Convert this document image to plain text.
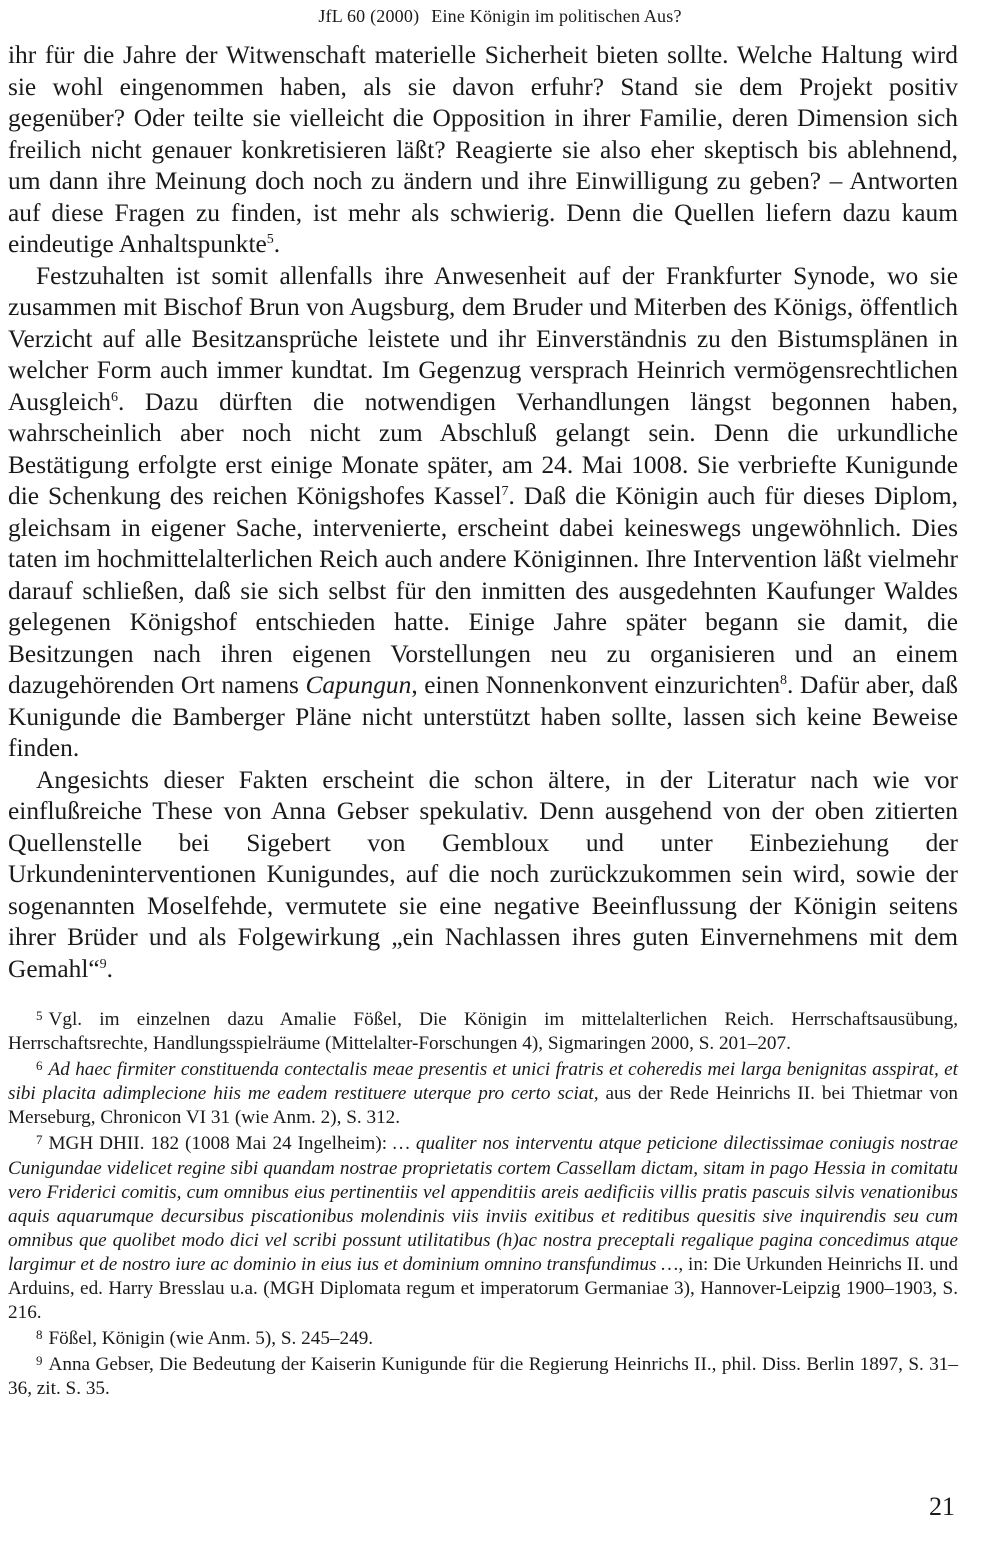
JfL 60 (2000) Eine Königin im politischen Aus?

ihr für die Jahre der Witwenschaft materielle Sicherheit bieten sollte. Welche Haltung wird sie wohl eingenommen haben, als sie davon erfuhr? Stand sie dem Projekt positiv gegenüber? Oder teilte sie vielleicht die Opposition in ihrer Familie, deren Dimension sich freilich nicht genauer konkretisieren läßt? Reagierte sie also eher skeptisch bis ablehnend, um dann ihre Meinung doch noch zu ändern und ihre Einwilligung zu geben? – Antworten auf diese Fragen zu finden, ist mehr als schwierig. Denn die Quellen liefern dazu kaum eindeutige Anhaltspunkte$^5$.

Festzuhalten ist somit allenfalls ihre Anwesenheit auf der Frankfurter Synode, wo sie zusammen mit Bischof Brun von Augsburg, dem Bruder und Miterben des Königs, öffentlich Verzicht auf alle Besitzansprüche leistete und ihr Einverständnis zu den Bistumsplänen in welcher Form auch immer kundtat. Im Gegenzug versprach Heinrich vermögensrechtlichen Ausgleich$^6$. Dazu dürften die notwendigen Verhandlungen längst begonnen haben, wahrscheinlich aber noch nicht zum Abschluß gelangt sein. Denn die urkundliche Bestätigung erfolgte erst einige Monate später, am 24. Mai 1008. Sie verbriefte Kunigunde die Schenkung des reichen Königshofes Kassel$^7$. Daß die Königin auch für dieses Diplom, gleichsam in eigener Sache, intervenierte, erscheint dabei keineswegs ungewöhnlich. Dies taten im hochmittelalterlichen Reich auch andere Königinnen. Ihre Intervention läßt vielmehr darauf schließen, daß sie sich selbst für den inmitten des ausgedehnten Kaufunger Waldes gelegenen Königshof entschieden hatte. Einige Jahre später begann sie damit, die Besitzungen nach ihren eigenen Vorstellungen neu zu organisieren und an einem dazugehörenden Ort namens Capungun, einen Nonnenkonvent einzurichten$^8$. Dafür aber, daß Kunigunde die Bamberger Pläne nicht unterstützt haben sollte, lassen sich keine Beweise finden.

Angesichts dieser Fakten erscheint die schon ältere, in der Literatur nach wie vor einflußreiche These von Anna Gebser spekulativ. Denn ausgehend von der oben zitierten Quellenstelle bei Sigebert von Gembloux und unter Einbeziehung der Urkundeninterventionen Kunigundes, auf die noch zurückzukommen sein wird, sowie der sogenannten Moselfehde, vermutete sie eine negative Beeinflussung der Königin seitens ihrer Brüder und als Folgewirkung „ein Nachlassen ihres guten Einvernehmens mit dem Gemahl“$^9$.

$^5$ Vgl. im einzelnen dazu Amalie Fößel, Die Königin im mittelalterlichen Reich. Herrschaftsausübung, Herrschaftsrechte, Handlungsspielräume (Mittelalter-Forschungen 4), Sigmaringen 2000, S. 201–207.

$^6$ Ad haec firmiter constituenda contectalis meae presentis et unici fratris et coheredis mei larga benignitas asspirat, et sibi placita adimplecione hiis me eadem restituere uterque pro certo sciat, aus der Rede Heinrichs II. bei Thietmar von Merseburg, Chronicon VI 31 (wie Anm. 2), S. 312.

$^7$ MGH DHII. 182 (1008 Mai 24 Ingelheim): … qualiter nos interventu atque peticione dilectissimae coniugis nostrae Cunigundae videlicet regine sibi quandam nostrae proprietatis cortem Cassellam dictam, sitam in pago Hessia in comitatu vero Friderici comitis, cum omnibus eius pertinentiis vel appenditiis areis aedificiis villis pratis pascuis silvis venationibus aquis aquarumque decursibus piscationibus molendinis viis inviis exitibus et reditibus quesitis sive inquirendis seu cum omnibus que quolibet modo dici vel scribi possunt utilitatibus (h)ac nostra preceptali regalique pagina concedimus atque largimur et de nostro iure ac dominio in eius ius et dominium omnino transfundimus …, in: Die Urkunden Heinrichs II. und Arduins, ed. Harry Bresslau u.a. (MGH Diplomata regum et imperatorum Germaniae 3), Hannover-Leipzig 1900–1903, S. 216.

$^8$ Fößel, Königin (wie Anm. 5), S. 245–249.

$^9$ Anna Gebser, Die Bedeutung der Kaiserin Kunigunde für die Regierung Heinrichs II., phil. Diss. Berlin 1897, S. 31–36, zit. S. 35.

21
